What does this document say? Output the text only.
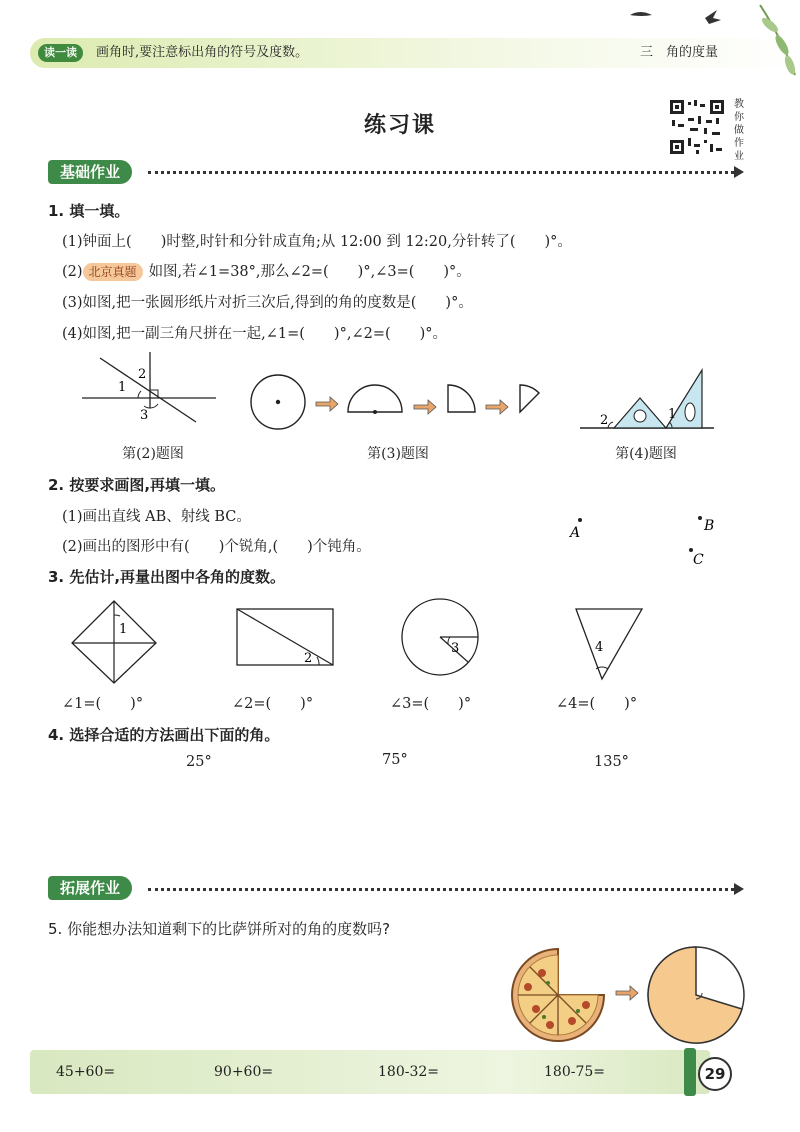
读一读	画角时,要注意标出角的符号及度数。	三　角的度量
练习课
教你做作业
基础作业
1. 填一填。
(1)钟面上(　　)时整,时针和分针成直角;从 12:00 到 12:20,分针转了(　　)°。
(2) 北京真题 如图,若∠1=38°,那么∠2=(　　)°,∠3=(　　)°。
(3)如图,把一张圆形纸片对折三次后,得到的角的度数是(　　)°。
(4)如图,把一副三角尺拼在一起,∠1=(　　)°,∠2=(　　)°。
1
2
3
第(2)题图	第(3)题图
2	1
第(4)题图
2. 按要求画图,再填一填。
(1)画出直线 AB、射线 BC。
(2)画出的图形中有(　　)个锐角,(　　)个钝角。
A	B
C
3. 先估计,再量出图中各角的度数。
1
2
3	4
∠1=(　　)°	∠2=(　　)°	∠3=(　　)°	∠4=(　　)°
4. 选择合适的方法画出下面的角。
25°	75°	135°
拓展作业
5. 你能想办法知道剩下的比萨饼所对的角的度数吗?
45+60=	90+60=	180-32=	180-75=	29
